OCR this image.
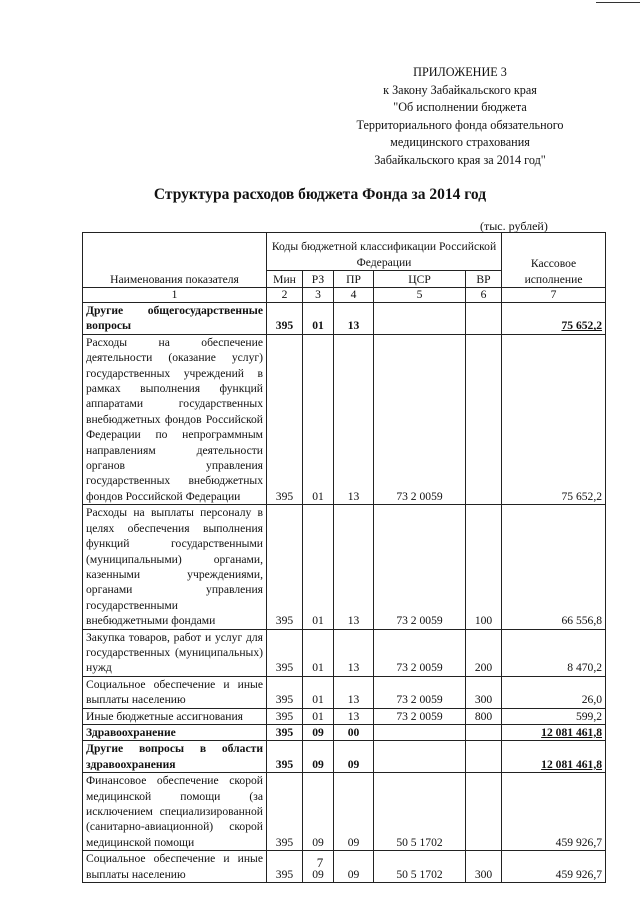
ПРИЛОЖЕНИЕ 3
к Закону Забайкальского края
"Об исполнении бюджета
Территориального фонда обязательного
медицинского страхования
Забайкальского края за 2014 год"
Структура расходов бюджета Фонда за 2014 год
(тыс. рублей)
Наименования показателя	Коды бюджетной классификации Российской Федерации					Кассовое исполнение
	Мин	РЗ	ПР	ЦСР	ВР	
1	2	3	4	5	6	7
Другие общегосударственные вопросы	395	01	13			75 652,2
Расходы на обеспечение деятельности (оказание услуг) государственных учреждений в рамках выполнения функций аппаратами государственных внебюджетных фондов Российской Федерации по непрограммным направлениям деятельности органов управления государственных внебюджетных фондов Российской Федерации	395	01	13	73 2 0059		75 652,2
Расходы на выплаты персоналу в целях обеспечения выполнения функций государственными (муниципальными) органами, казенными учреждениями, органами управления государственными внебюджетными фондами	395	01	13	73 2 0059	100	66 556,8
Закупка товаров, работ и услуг для государственных (муниципальных) нужд	395	01	13	73 2 0059	200	8 470,2
Социальное обеспечение и иные выплаты населению	395	01	13	73 2 0059	300	26,0
Иные бюджетные ассигнования	395	01	13	73 2 0059	800	599,2
Здравоохранение	395	09	00			12 081 461,8
Другие вопросы в области здравоохранения	395	09	09			12 081 461,8
Финансовое обеспечение скорой медицинской помощи (за исключением специализированной (санитарно-авиационной) скорой медицинской помощи	395	09	09	50 5 1702		459 926,7
Социальное обеспечение и иные выплаты населению	395	09	09	50 5 1702	300	459 926,7
7
